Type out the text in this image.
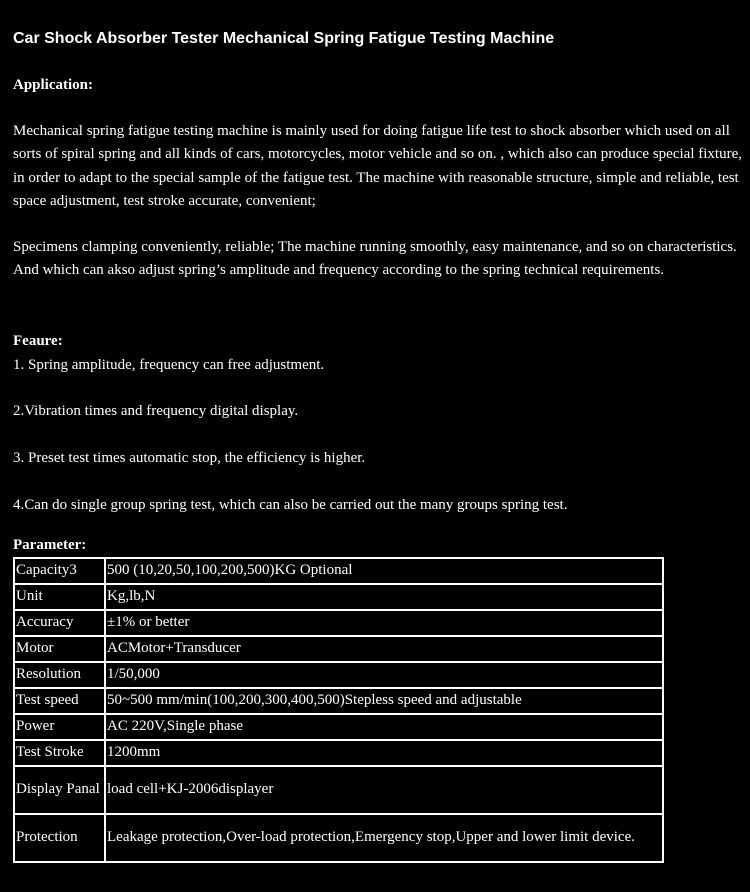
Car Shock Absorber Tester Mechanical Spring Fatigue Testing Machine

Application:

Mechanical spring fatigue testing machine is mainly used for doing fatigue life test to shock absorber which used on all sorts of spiral spring and all kinds of cars, motorcycles, motor vehicle and so on. , which also can produce special fixture, in order to adapt to the special sample of the fatigue test. The machine with reasonable structure, simple and reliable, test space adjustment, test stroke accurate, convenient;

Specimens clamping conveniently, reliable; The machine running smoothly, easy maintenance, and so on characteristics. And which can akso adjust spring’s amplitude and frequency according to the spring technical requirements.

Feaure:

1. Spring amplitude, frequency can free adjustment.

2.Vibration times and frequency digital display.

3. Preset test times automatic stop, the efficiency is higher.

4.Can do single group spring test, which can also be carried out the many groups spring test.

Parameter:

Capacity3	500 (10,20,50,100,200,500)KG Optional
Unit	Kg,lb,N
Accuracy	±1% or better
Motor	ACMotor+Transducer
Resolution	1/50,000
Test speed	50~500 mm/min(100,200,300,400,500)Stepless speed and adjustable
Power	AC 220V,Single phase
Test Stroke	1200mm
Display Panal	load cell+KJ-2006displayer
Protection	Leakage protection,Over-load protection,Emergency stop,Upper and lower limit device.
